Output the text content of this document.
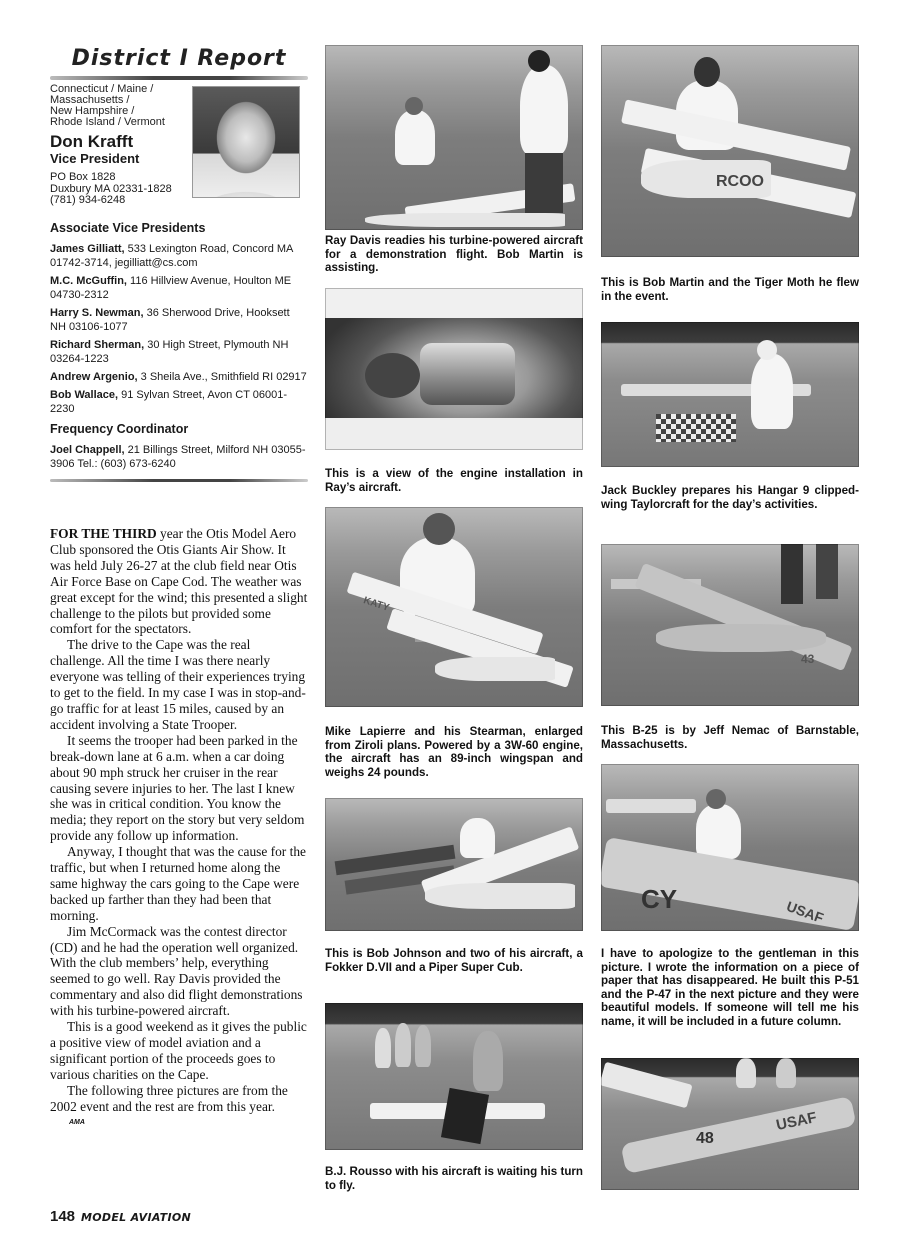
District I Report
Connecticut / Maine /
Massachusetts /
New Hampshire /
Rhode Island / Vermont
Don Krafft
Vice President
PO Box 1828
Duxbury MA 02331-1828
(781) 934-6248
Associate Vice Presidents
James Gilliatt, 533 Lexington Road, Concord MA 01742-3714, jegilliatt@cs.com
M.C. McGuffin, 116 Hillview Avenue, Houlton ME 04730-2312
Harry S. Newman, 36 Sherwood Drive, Hooksett NH 03106-1077
Richard Sherman, 30 High Street, Plymouth NH 03264-1223
Andrew Argenio, 3 Sheila Ave., Smithfield RI 02917
Bob Wallace, 91 Sylvan Street, Avon CT 06001-2230
Frequency Coordinator
Joel Chappell, 21 Billings Street, Milford NH 03055-3906 Tel.: (603) 673-6240

FOR THE THIRD year the Otis Model Aero Club sponsored the Otis Giants Air Show. It was held July 26-27 at the club field near Otis Air Force Base on Cape Cod. The weather was great except for the wind; this presented a slight challenge to the pilots but provided some comfort for the spectators.

The drive to the Cape was the real challenge. All the time I was there nearly everyone was telling of their experiences trying to get to the field. In my case I was in stop-and-go traffic for at least 15 miles, caused by an accident involving a State Trooper.

It seems the trooper had been parked in the break-down lane at 6 a.m. when a car doing about 90 mph struck her cruiser in the rear causing severe injuries to her. The last I knew she was in critical condition. You know the media; they report on the story but very seldom provide any follow up information.

Anyway, I thought that was the cause for the traffic, but when I returned home along the same highway the cars going to the Cape were backed up farther than they had been that morning.

Jim McCormack was the contest director (CD) and he had the operation well organized. With the club members’ help, everything seemed to go well. Ray Davis provided the commentary and also did flight demonstrations with his turbine-powered aircraft.

This is a good weekend as it gives the public a positive view of model aviation and a significant portion of the proceeds goes to various charities on the Cape.

The following three pictures are from the 2002 event and the rest are from this year.AMA

148 MODEL AVIATION
Ray Davis readies his turbine-powered aircraft for a demonstration flight. Bob Martin is assisting.
This is a view of the engine installation in Ray’s aircraft.
KATY
Mike Lapierre and his Stearman, enlarged from Ziroli plans. Powered by a 3W-60 engine, the aircraft has an 89-inch wingspan and weighs 24 pounds.
This is Bob Johnson and two of his aircraft, a Fokker D.VII and a Piper Super Cub.
B.J. Rousso with his aircraft is waiting his turn to fly.
RCOO
This is Bob Martin and the Tiger Moth he flew in the event.
Jack Buckley prepares his Hangar 9 clipped-wing Taylorcraft for the day’s activities.
43
This B-25 is by Jeff Nemac of Barnstable, Massachusetts.
CY	USAF
I have to apologize to the gentleman in this picture. I wrote the information on a piece of paper that has disappeared. He built this P-51 and the P-47 in the next picture and they were beautiful models. If someone will tell me his name, it will be included in a future column.
48
USAF
